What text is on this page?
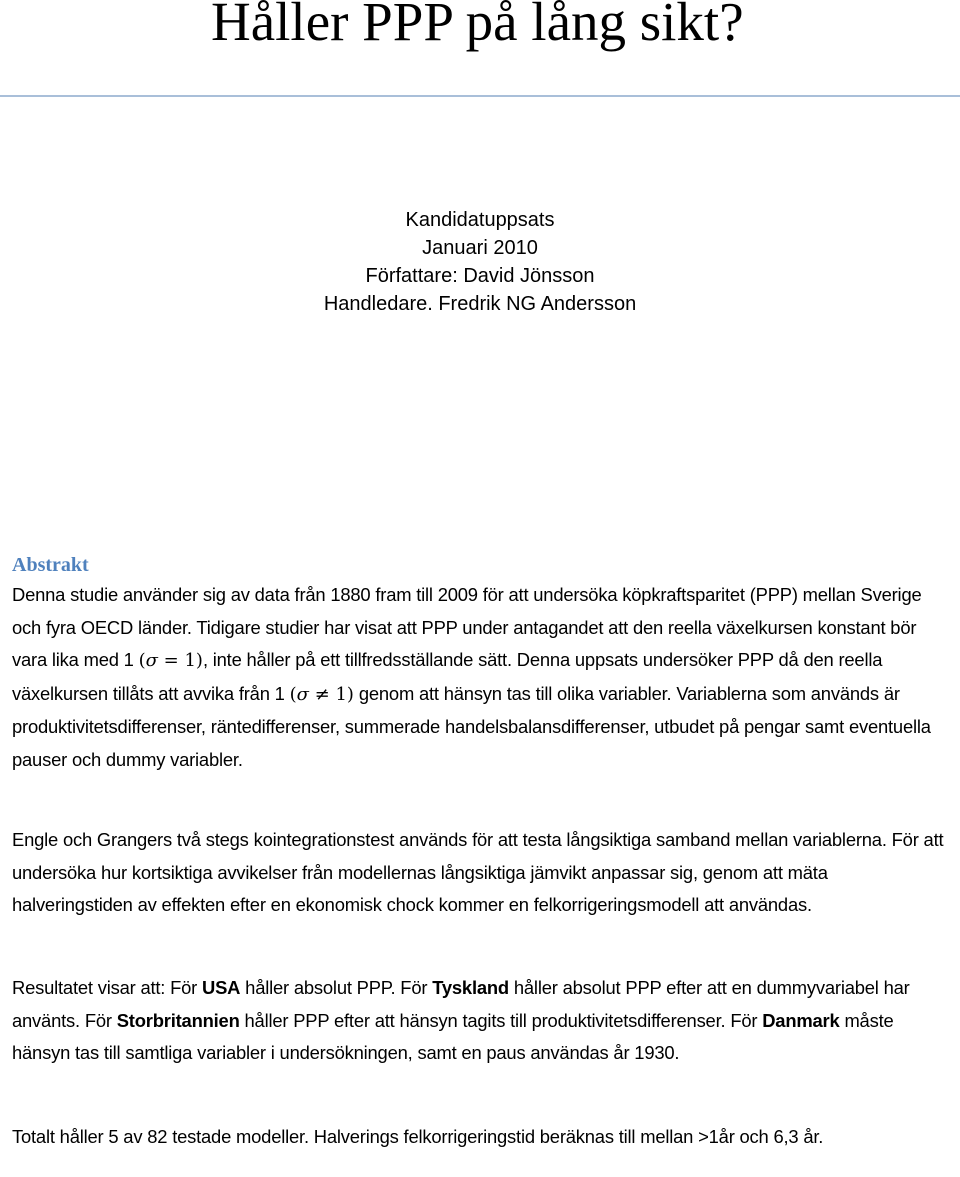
Håller PPP på lång sikt?
Kandidatuppsats
Januari 2010
Författare: David Jönsson
Handledare. Fredrik NG Andersson
Abstrakt

Denna studie använder sig av data från 1880 fram till 2009 för att undersöka köpkraftsparitet (PPP) mellan Sverige och fyra OECD länder. Tidigare studier har visat att PPP under antagandet att den reella växelkursen konstant bör vara lika med 1 (σ = 1), inte håller på ett tillfredsställande sätt. Denna uppsats undersöker PPP då den reella växelkursen tillåts att avvika från 1 (σ ≠ 1) genom att hänsyn tas till olika variabler. Variablerna som används är produktivitetsdifferenser, räntedifferenser, summerade handelsbalansdifferenser, utbudet på pengar samt eventuella pauser och dummy variabler.

Engle och Grangers två stegs kointegrationstest används för att testa långsiktiga samband mellan variablerna. För att undersöka hur kortsiktiga avvikelser från modellernas långsiktiga jämvikt anpassar sig, genom att mäta halveringstiden av effekten efter en ekonomisk chock kommer en felkorrigeringsmodell att användas.

Resultatet visar att: För USA håller absolut PPP. För Tyskland håller absolut PPP efter att en dummyvariabel har använts. För Storbritannien håller PPP efter att hänsyn tagits till produktivitetsdifferenser. För Danmark måste hänsyn tas till samtliga variabler i undersökningen, samt en paus användas år 1930.

Totalt håller 5 av 82 testade modeller. Halverings felkorrigeringstid beräknas till mellan >1år och 6,3 år.
